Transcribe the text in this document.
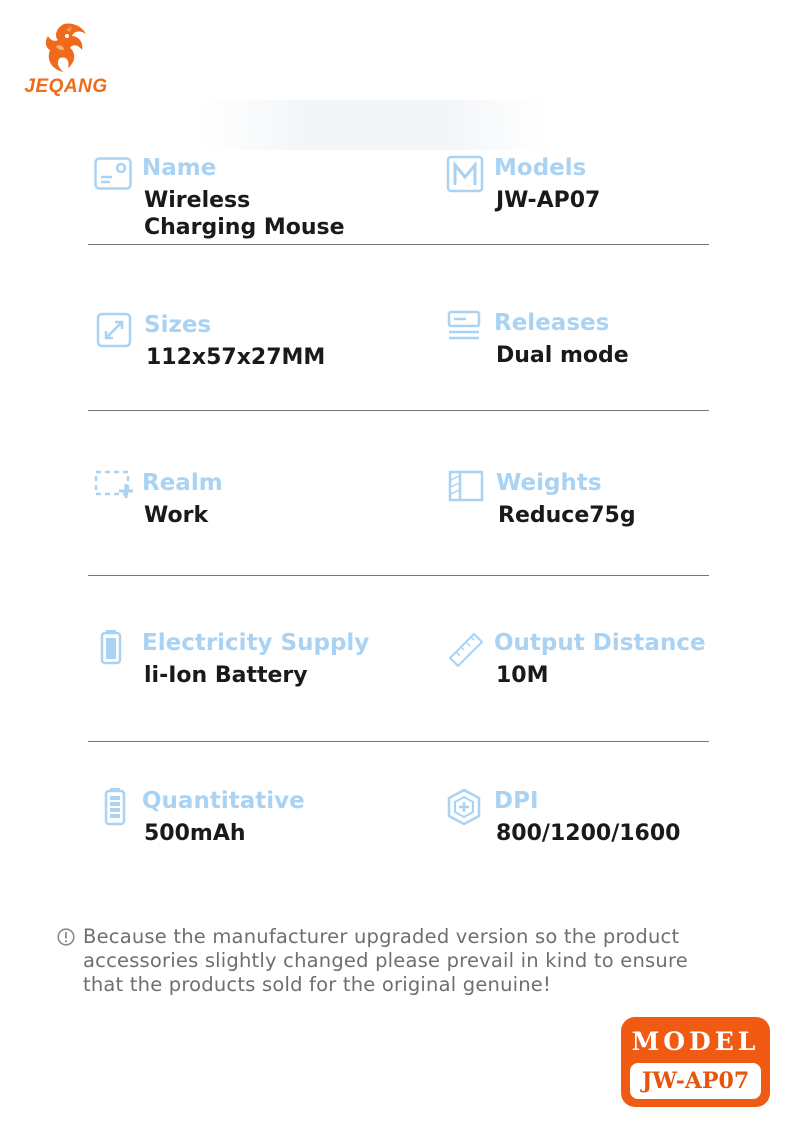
JEQANG
Name
Wireless
Charging Mouse
Models
JW-AP07
Sizes
112x57x27MM
Releases
Dual mode
Realm
Work
Weights
Reduce75g
Electricity Supply
li-Ion Battery
Output Distance
10M
Quantitative
500mAh
DPI
800/1200/1600
Because the manufacturer upgraded version so the product accessories slightly changed please prevail in kind to ensure that the products sold for the original genuine!
MODEL
JW-AP07
